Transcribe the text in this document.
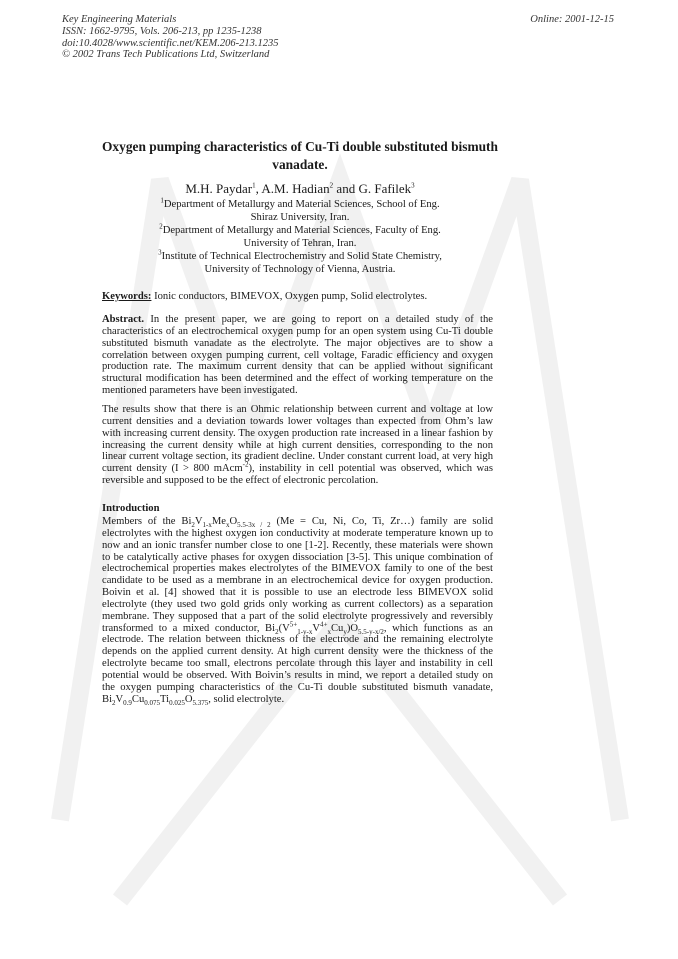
Key Engineering Materials
ISSN: 1662-9795, Vols. 206-213, pp 1235-1238
doi:10.4028/www.scientific.net/KEM.206-213.1235
© 2002 Trans Tech Publications Ltd, Switzerland
Online: 2001-12-15
Oxygen pumping characteristics of Cu-Ti double substituted bismuth vanadate.
M.H. Paydar$^1$, A.M. Hadian$^2$ and G. Fafilek$^3$
$^1$Department of Metallurgy and Material Sciences, School of Eng.
Shiraz University, Iran.
$^2$Department of Metallurgy and Material Sciences, Faculty of Eng.
University of Tehran, Iran.
$^3$Institute of Technical Electrochemistry and Solid State Chemistry,
University of Technology of Vienna, Austria.
Keywords: Ionic conductors, BIMEVOX, Oxygen pump, Solid electrolytes.
Abstract. In the present paper, we are going to report on a detailed study of the characteristics of an electrochemical oxygen pump for an open system using Cu-Ti double substituted bismuth vanadate as the electrolyte. The major objectives are to show a correlation between oxygen pumping current, cell voltage, Faradic efficiency and oxygen production rate. The maximum current density that can be applied without significant structural modification has been determined and the effect of working temperature on the mentioned parameters have been investigated.
The results show that there is an Ohmic relationship between current and voltage at low current densities and a deviation towards lower voltages than expected from Ohm’s law with increasing current density. The oxygen production rate increased in a linear fashion by increasing the current density while at high current densities, corresponding to the non linear current voltage section, its gradient decline. Under constant current load, at very high current density (I > 800 mAcm$^{-2}$), instability in cell potential was observed, which was reversible and supposed to be the effect of electronic percolation.
Introduction
Members of the $Bi_2V_{1-x}Me_xO_{5.5-3x / 2}$ (Me = Cu, Ni, Co, Ti, Zr…) family are solid electrolytes with the highest oxygen ion conductivity at moderate temperature known up to now and an ionic transfer number close to one [1-2]. Recently, these materials were shown to be catalytically active phases for oxygen dissociation [3-5]. This unique combination of electrochemical properties makes electrolytes of the BIMEVOX family to one of the best candidate to be used as a membrane in an electrochemical device for oxygen production. Boivin et al. [4] showed that it is possible to use an electrode less BIMEVOX solid electrolyte (they used two gold grids only working as current collectors) as a separation membrane. They supposed that a part of the solid electrolyte progressively and reversibly transformed to a mixed conductor, $Bi_2(V^{5+}_{1-y-x}V^{4+}_xCu_y)O_{5.5-y-x/2}$, which functions as an electrode. The relation between thickness of the electrode and the remaining electrolyte depends on the applied current density. At high current density were the thickness of the electrolyte became too small, electrons percolate through this layer and instability in cell potential would be observed. With Boivin’s results in mind, we report a detailed study on the oxygen pumping characteristics of the Cu-Ti double substituted bismuth vanadate, $Bi_2V_{0.9}Cu_{0.075}Ti_{0.025}O_{5.375}$, solid electrolyte.
